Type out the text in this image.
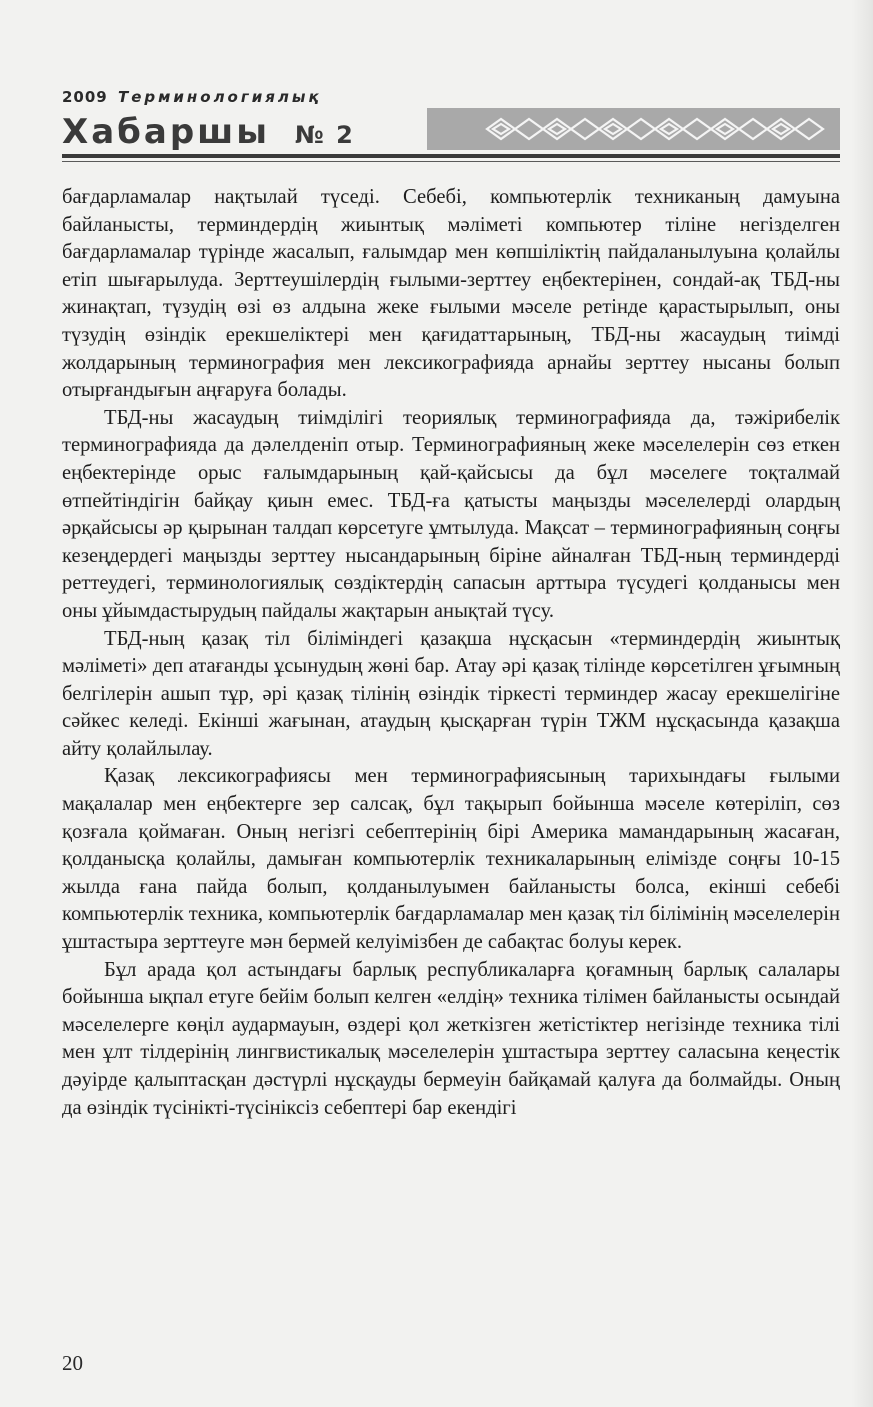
2009 Терминологиялық
Хабаршы № 2

бағдарламалар нақтылай түседі. Себебі, компьютерлік техниканың дамуына байланысты, терминдердің жиынтық мәліметі компьютер тіліне негізделген бағдарламалар түрінде жасалып, ғалымдар мен көпшіліктің пайдаланылуына қолайлы етіп шығарылуда. Зерттеушілердің ғылыми-зерттеу еңбектерінен, сондай-ақ ТБД-ны жинақтап, түзудің өзі өз алдына жеке ғылыми мәселе ретінде қарастырылып, оны түзудің өзіндік ерекшеліктері мен қағидаттарының, ТБД-ны жасаудың тиімді жолдарының терминография мен лексикографияда арнайы зерттеу нысаны болып отырғандығын аңғаруға болады.

ТБД-ны жасаудың тиімділігі теориялық терминографияда да, тәжірибелік терминографияда да дәлелденіп отыр. Терминографияның жеке мәселелерін сөз еткен еңбектерінде орыс ғалымдарының қай-қайсысы да бұл мәселеге тоқталмай өтпейтіндігін байқау қиын емес. ТБД-ға қатысты маңызды мәселелерді олардың әрқайсысы әр қырынан талдап көрсетуге ұмтылуда. Мақсат – терминографияның соңғы кезеңдердегі маңызды зерттеу нысандарының біріне айналған ТБД-ның терминдерді реттеудегі, терминологиялық сөздіктердің сапасын арттыра түсудегі қолданысы мен оны ұйымдастырудың пайдалы жақтарын анықтай түсу.

ТБД-ның қазақ тіл біліміндегі қазақша нұсқасын «терминдердің жиынтық мәліметі» деп атағанды ұсынудың жөні бар. Атау әрі қазақ тілінде көрсетілген ұғымның белгілерін ашып тұр, әрі қазақ тілінің өзіндік тіркесті терминдер жасау ерекшелігіне сәйкес келеді. Екінші жағынан, атаудың қысқарған түрін ТЖМ нұсқасында қазақша айту қолайлылау.

Қазақ лексикографиясы мен терминографиясының тарихындағы ғылыми мақалалар мен еңбектерге зер салсақ, бұл тақырып бойынша мәселе көтеріліп, сөз қозғала қоймаған. Оның негізгі себептерінің бірі Америка мамандарының жасаған, қолданысқа қолайлы, дамыған компьютерлік техникаларының елімізде соңғы 10-15 жылда ғана пайда болып, қолданылуымен байланысты болса, екінші себебі компьютерлік техника, компьютерлік бағдарламалар мен қазақ тіл білімінің мәселелерін ұштастыра зерттеуге мән бермей келуімізбен де сабақтас болуы керек.

Бұл арада қол астындағы барлық республикаларға қоғамның барлық салалары бойынша ықпал етуге бейім болып келген «елдің» техника тілімен байланысты осындай мәселелерге көңіл аудармауын, өздері қол жеткізген жетістіктер негізінде техника тілі мен ұлт тілдерінің лингвистикалық мәселелерін ұштастыра зерттеу саласына кеңестік дәуірде қалыптасқан дәстүрлі нұсқауды бермеуін байқамай қалуға да болмайды. Оның да өзіндік түсінікті-түсініксіз себептері бар екендігі

20
